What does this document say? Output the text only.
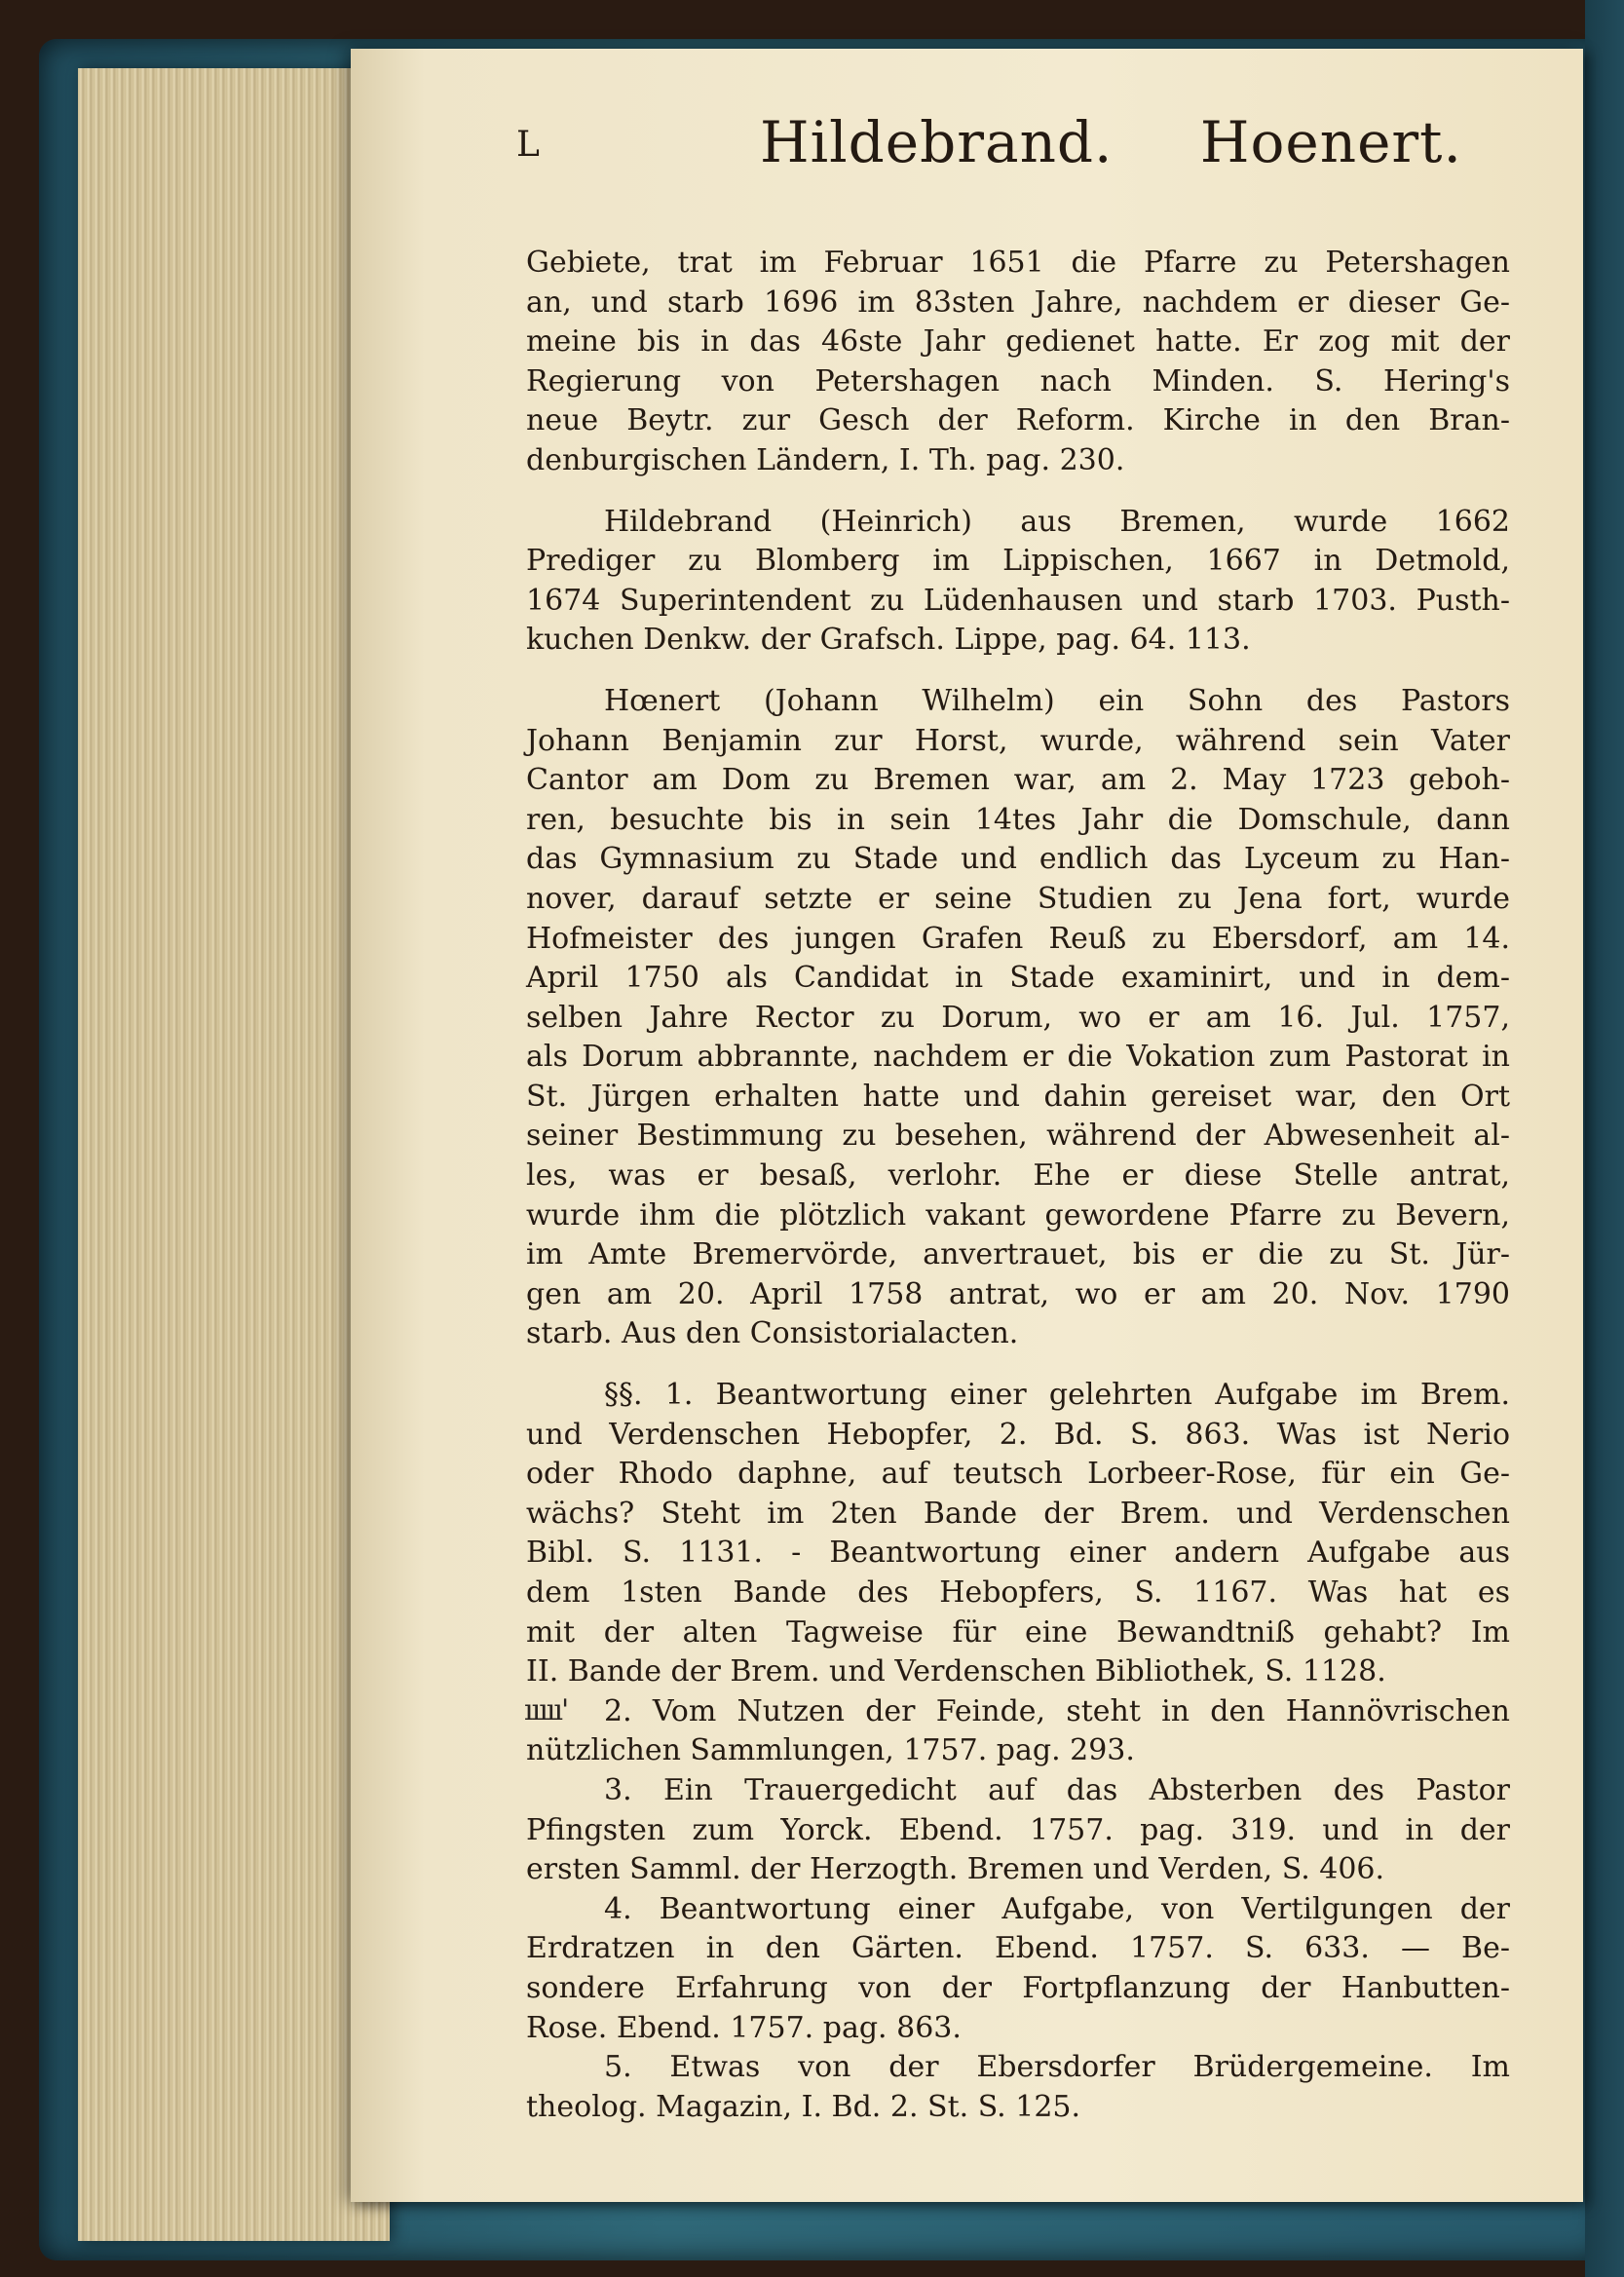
L	Hildebrand. Hoenert.
ııııı'
Gebiete, trat im Februar 1651 die Pfarre zu Petershagen
an, und starb 1696 im 83sten Jahre, nachdem er dieser Ge-
meine bis in das 46ste Jahr gedienet hatte. Er zog mit der
Regierung von Petershagen nach Minden. S. Hering's
neue Beytr. zur Gesch der Reform. Kirche in den Bran-
denburgischen Ländern, I. Th. pag. 230.
Hildebrand (Heinrich) aus Bremen, wurde 1662
Prediger zu Blomberg im Lippischen, 1667 in Detmold,
1674 Superintendent zu Lüdenhausen und starb 1703. Pusth-
kuchen Denkw. der Grafsch. Lippe, pag. 64. 113.
Hœnert (Johann Wilhelm) ein Sohn des Pastors
Johann Benjamin zur Horst, wurde, während sein Vater
Cantor am Dom zu Bremen war, am 2. May 1723 geboh-
ren, besuchte bis in sein 14tes Jahr die Domschule, dann
das Gymnasium zu Stade und endlich das Lyceum zu Han-
nover, darauf setzte er seine Studien zu Jena fort, wurde
Hofmeister des jungen Grafen Reuß zu Ebersdorf, am 14.
April 1750 als Candidat in Stade examinirt, und in dem-
selben Jahre Rector zu Dorum, wo er am 16. Jul. 1757,
als Dorum abbrannte, nachdem er die Vokation zum Pastorat in
St. Jürgen erhalten hatte und dahin gereiset war, den Ort
seiner Bestimmung zu besehen, während der Abwesenheit al-
les, was er besaß, verlohr. Ehe er diese Stelle antrat,
wurde ihm die plötzlich vakant gewordene Pfarre zu Bevern,
im Amte Bremervörde, anvertrauet, bis er die zu St. Jür-
gen am 20. April 1758 antrat, wo er am 20. Nov. 1790
starb. Aus den Consistorialacten.
§§. 1. Beantwortung einer gelehrten Aufgabe im Brem.
und Verdenschen Hebopfer, 2. Bd. S. 863. Was ist Nerio
oder Rhodo daphne, auf teutsch Lorbeer-Rose, für ein Ge-
wächs? Steht im 2ten Bande der Brem. und Verdenschen
Bibl. S. 1131. - Beantwortung einer andern Aufgabe aus
dem 1sten Bande des Hebopfers, S. 1167. Was hat es
mit der alten Tagweise für eine Bewandtniß gehabt? Im
II. Bande der Brem. und Verdenschen Bibliothek, S. 1128.
2. Vom Nutzen der Feinde, steht in den Hannövrischen
nützlichen Sammlungen, 1757. pag. 293.
3. Ein Trauergedicht auf das Absterben des Pastor
Pfingsten zum Yorck. Ebend. 1757. pag. 319. und in der
ersten Samml. der Herzogth. Bremen und Verden, S. 406.
4. Beantwortung einer Aufgabe, von Vertilgungen der
Erdratzen in den Gärten. Ebend. 1757. S. 633. — Be-
sondere Erfahrung von der Fortpflanzung der Hanbutten-
Rose. Ebend. 1757. pag. 863.
5. Etwas von der Ebersdorfer Brüdergemeine. Im
theolog. Magazin, I. Bd. 2. St. S. 125.
